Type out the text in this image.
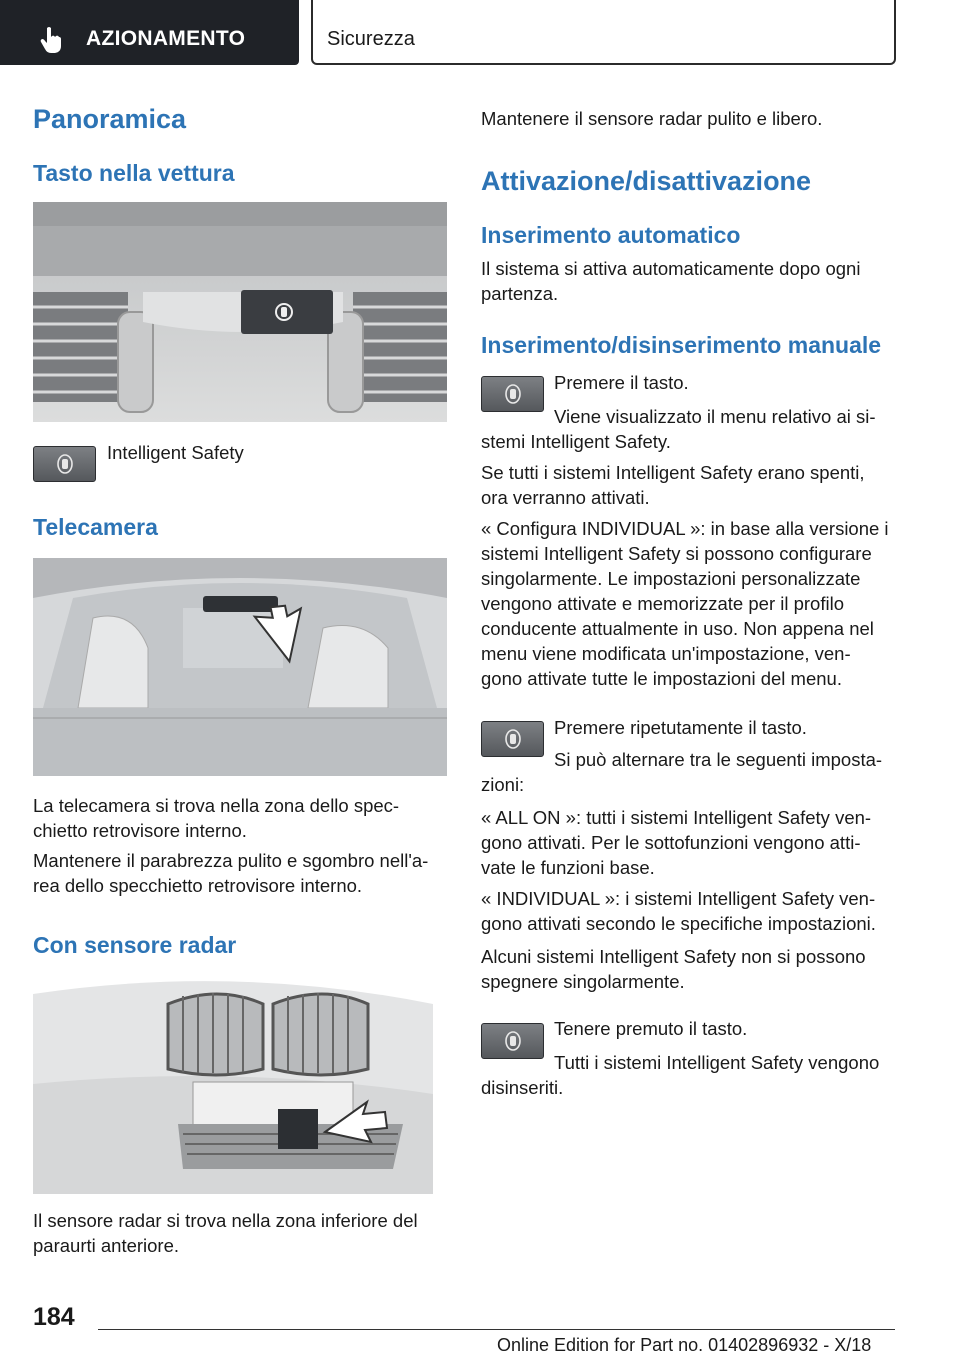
AZIONAMENTO	Sicurezza
Panoramica
Tasto nella vettura
Intelligent Safety
Telecamera
La telecamera si trova nella zona dello spec-
chietto retrovisore interno.
Mantenere il parabrezza pulito e sgombro nell'a-
rea dello specchietto retrovisore interno.
Con sensore radar
Il sensore radar si trova nella zona inferiore del
paraurti anteriore.
Mantenere il sensore radar pulito e libero.
Attivazione/disattivazione
Inserimento automatico
Il sistema si attiva automaticamente dopo ogni
partenza.
Inserimento/disinserimento manuale
Premere il tasto.
Viene visualizzato il menu relativo ai si-
stemi Intelligent Safety.
Se tutti i sistemi Intelligent Safety erano spenti,
ora verranno attivati.
« Configura INDIVIDUAL »: in base alla versione i
sistemi Intelligent Safety si possono configurare
singolarmente. Le impostazioni personalizzate
vengono attivate e memorizzate per il profilo
conducente attualmente in uso. Non appena nel
menu viene modificata un'impostazione, ven-
gono attivate tutte le impostazioni del menu.
Premere ripetutamente il tasto.
Si può alternare tra le seguenti imposta-
zioni:
« ALL ON »: tutti i sistemi Intelligent Safety ven-
gono attivati. Per le sottofunzioni vengono atti-
vate le funzioni base.
« INDIVIDUAL »: i sistemi Intelligent Safety ven-
gono attivati secondo le specifiche impostazioni.
Alcuni sistemi Intelligent Safety non si possono
spegnere singolarmente.
Tenere premuto il tasto.
Tutti i sistemi Intelligent Safety vengono
disinseriti.
184
Online Edition for Part no. 01402896932 - X/18
